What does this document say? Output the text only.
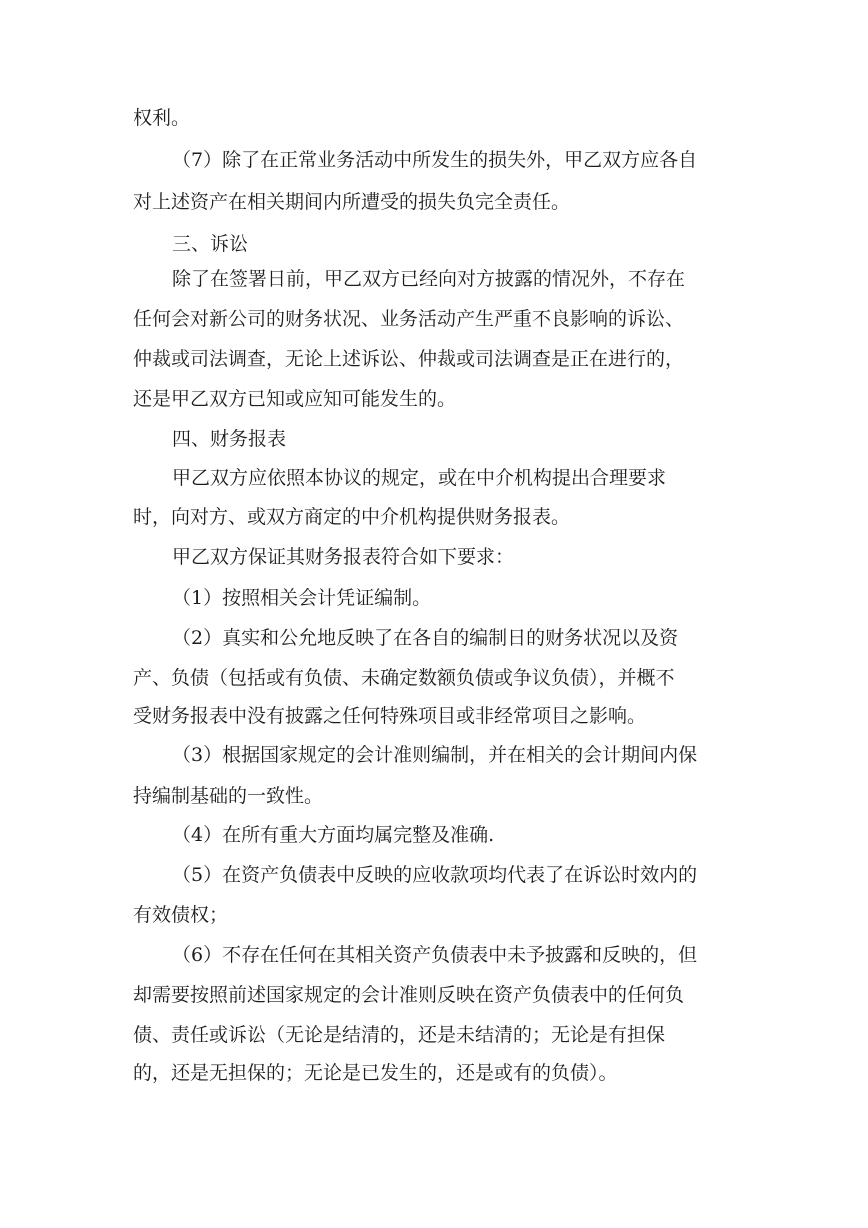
权利。
（7）除了在正常业务活动中所发生的损失外，甲乙双方应各自
对上述资产在相关期间内所遭受的损失负完全责任。
三、诉讼
除了在签署日前，甲乙双方已经向对方披露的情况外，不存在
任何会对新公司的财务状况、业务活动产生严重不良影响的诉讼、
仲裁或司法调查，无论上述诉讼、仲裁或司法调查是正在进行的，
还是甲乙双方已知或应知可能发生的。
四、财务报表
甲乙双方应依照本协议的规定，或在中介机构提出合理要求
时，向对方、或双方商定的中介机构提供财务报表。
甲乙双方保证其财务报表符合如下要求：
（1）按照相关会计凭证编制。
（2）真实和公允地反映了在各自的编制日的财务状况以及资
产、负债（包括或有负债、未确定数额负债或争议负债），并概不
受财务报表中没有披露之任何特殊项目或非经常项目之影响。
（3）根据国家规定的会计准则编制，并在相关的会计期间内保
持编制基础的一致性。
（4）在所有重大方面均属完整及准确.
（5）在资产负债表中反映的应收款项均代表了在诉讼时效内的
有效债权；
（6）不存在任何在其相关资产负债表中未予披露和反映的，但
却需要按照前述国家规定的会计准则反映在资产负债表中的任何负
债、责任或诉讼（无论是结清的，还是未结清的；无论是有担保
的，还是无担保的；无论是已发生的，还是或有的负债）。
